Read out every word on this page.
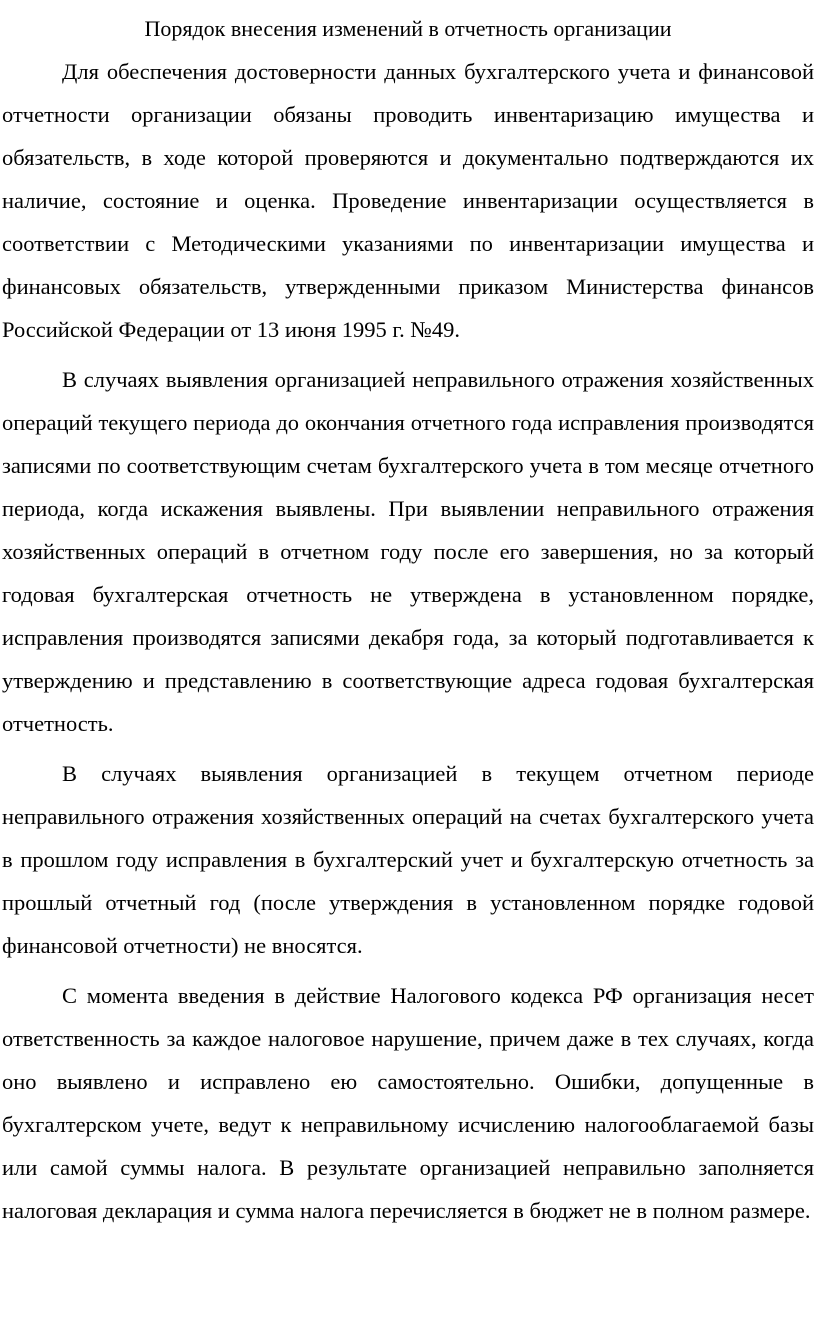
Порядок внесения изменений в отчетность организации

Для обеспечения достоверности данных бухгалтерского учета и финансовой отчетности организации обязаны проводить инвентаризацию имущества и обязательств, в ходе которой проверяются и документально подтверждаются их наличие, состояние и оценка. Проведение инвентаризации осуществляется в соответствии с Методическими указаниями по инвентаризации имущества и финансовых обязательств, утвержденными приказом Министерства финансов Российской Федерации от 13 июня 1995 г. №49.

В случаях выявления организацией неправильного отражения хозяйственных операций текущего периода до окончания отчетного года исправления производятся записями по соответствующим счетам бухгалтерского учета в том месяце отчетного периода, когда искажения выявлены. При выявлении неправильного отражения хозяйственных операций в отчетном году после его завершения, но за который годовая бухгалтерская отчетность не утверждена в установленном порядке, исправления производятся записями декабря года, за который подготавливается к утверждению и представлению в соответствующие адреса годовая бухгалтерская отчетность.

В случаях выявления организацией в текущем отчетном периоде неправильного отражения хозяйственных операций на счетах бухгалтерского учета в прошлом году исправления в бухгалтерский учет и бухгалтерскую отчетность за прошлый отчетный год (после утверждения в установленном порядке годовой финансовой отчетности) не вносятся.

С момента введения в действие Налогового кодекса РФ организация несет ответственность за каждое налоговое нарушение, причем даже в тех случаях, когда оно выявлено и исправлено ею самостоятельно. Ошибки, допущенные в бухгалтерском учете, ведут к неправильному исчислению налогооблагаемой базы или самой суммы налога. В результате организацией неправильно заполняется налоговая декларация и сумма налога перечисляется в бюджет не в полном размере.
